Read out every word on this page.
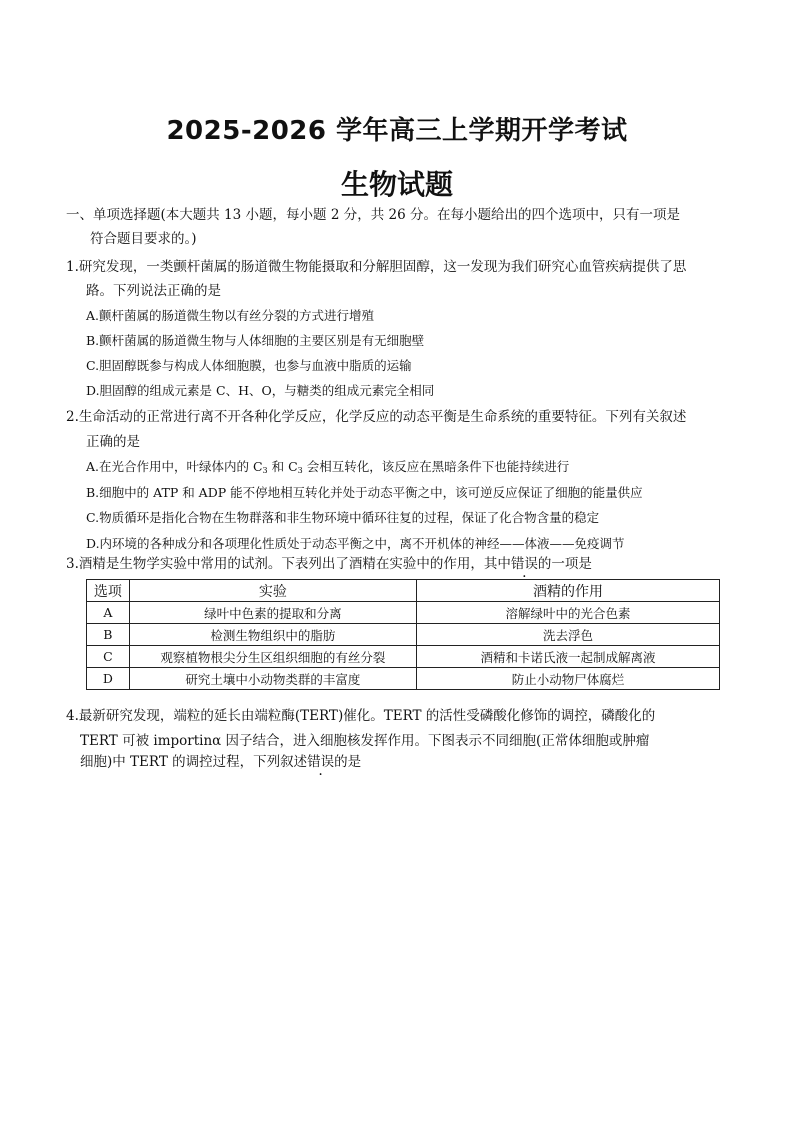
2025-2026 学年高三上学期开学考试
生物试题
一、单项选择题(本大题共 13 小题，每小题 2 分，共 26 分。在每小题给出的四个选项中，只有一项是
符合题目要求的。)
1.研究发现，一类颤杆菌属的肠道微生物能摄取和分解胆固醇，这一发现为我们研究心血管疾病提供了思
路。下列说法正确的是
A.颤杆菌属的肠道微生物以有丝分裂的方式进行增殖
B.颤杆菌属的肠道微生物与人体细胞的主要区别是有无细胞壁
C.胆固醇既参与构成人体细胞膜，也参与血液中脂质的运输
D.胆固醇的组成元素是 C、H、O，与糖类的组成元素完全相同
2.生命活动的正常进行离不开各种化学反应，化学反应的动态平衡是生命系统的重要特征。下列有关叙述
正确的是
A.在光合作用中，叶绿体内的 $C_3$ 和 $C_3$ 会相互转化，该反应在黑暗条件下也能持续进行
B.细胞中的 ATP 和 ADP 能不停地相互转化并处于动态平衡之中，该可逆反应保证了细胞的能量供应
C.物质循环是指化合物在生物群落和非生物环境中循环往复的过程，保证了化合物含量的稳定
D.内环境的各种成分和各项理化性质处于动态平衡之中，离不开机体的神经——体液——免疫调节
3.酒精是生物学实验中常用的试剂。下表列出了酒精在实验中的作用，其中错误的一项是
选项	实验	酒精的作用
A	绿叶中色素的提取和分离	溶解绿叶中的光合色素
B	检测生物组织中的脂肪	洗去浮色
C	观察植物根尖分生区组织细胞的有丝分裂	酒精和卡诺氏液一起制成解离液
D	研究土壤中小动物类群的丰富度	防止小动物尸体腐烂
4.最新研究发现，端粒的延长由端粒酶(TERT)催化。TERT 的活性受磷酸化修饰的调控，磷酸化的
TERT 可被 importinα 因子结合，进入细胞核发挥作用。下图表示不同细胞(正常体细胞或肿瘤
细胞)中 TERT 的调控过程，下列叙述错误的是
